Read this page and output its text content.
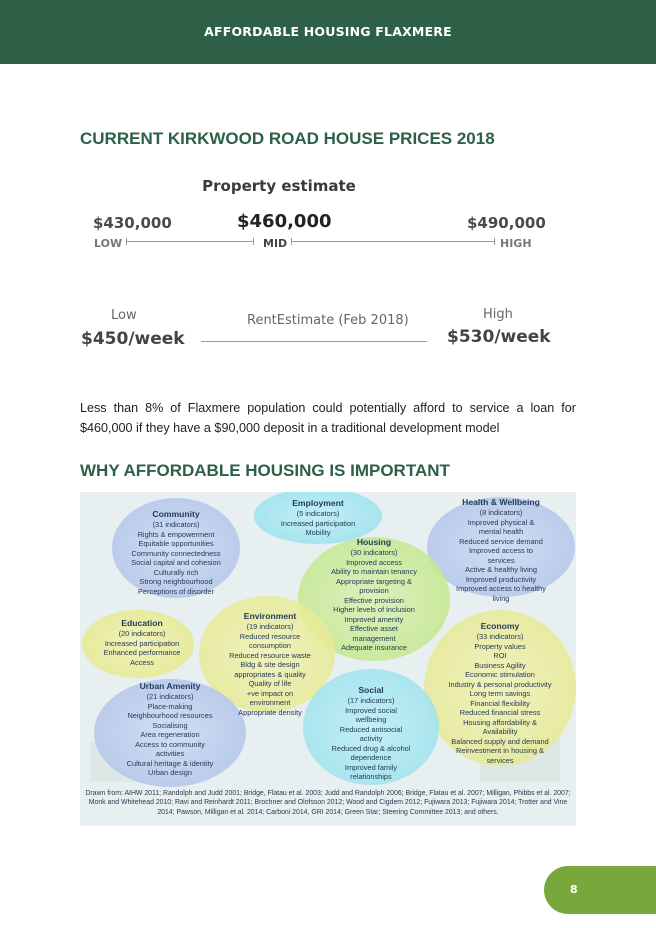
AFFORDABLE HOUSING FLAXMERE
CURRENT KIRKWOOD ROAD HOUSE PRICES 2018
Property estimate
$430,000	$460,000	$490,000
LOW	MID	HIGH
Low	High
RentEstimate (Feb 2018)
$450/week	$530/week

Less than 8% of Flaxmere population could potentially afford to service a loan for $460,000 if they have a $90,000 deposit in a traditional development model

WHY AFFORDABLE HOUSING IS IMPORTANT
Community
(31 indicators)
Rights & empowerment
Equitable opportunities
Community connectedness
Social capital and cohesion
Culturally rich
Strong neighbourhood
Perceptions of disorder
Employment
(5 indicators)
Increased participation
Mobility
Health & Wellbeing
(8 indicators)
Improved physical &
mental health
Reduced service demand
Improved access to
services
Active & healthy living
Improved productivity
Improved access to healthy
living
Housing
(30 indicators)
Improved access
Ability to maintain tenancy
Appropriate targeting &
provision
Effective provision
Higher levels of inclusion
Improved amenity
Effective asset
management
Adequate insurance
Education
(20 indicators)
Increased participation
Enhanced performance
Access
Environment
(19 indicators)
Reduced resource
consumption
Reduced resource waste
Bldg & site design
appropriates & quality
Quality of life
+ve impact on
environment
Appropriate density
Economy
(33 indicators)
Property values
ROI
Business Agility
Economic stimulation
Industry & personal productivity
Long term savings
Financial flexibility
Reduced financial stress
Housing affordability &
Availability
Balanced supply and demand
Reinvestment in housing &
services
Urban Amenity
(21 indicators)
Place-making
Neighbourhood resources
Socialising
Area regeneration
Access to community
activities
Cultural heritage & identity
Urban design
Social
(17 indicators)
Improved social
wellbeing
Reduced antisocial
activity
Reduced drug & alcohol
dependence
Improved family
relationships
Drawn from: AIHW 2011; Randolph and Judd 2001; Bridge, Flatau et al. 2003; Judd and Randolph 2006; Bridge, Flatau et al. 2007; Milligan, Phibbs et al. 2007; Monk and Whitehead 2010; Ravi and Reinhardt 2011; Brochner and Olofsson 2012; Wood and Cigdem 2012; Fujiwara 2013; Fujiwara 2014; Trotter and Vine 2014; Pawson, Milligan et al. 2014; Carboni 2014, GRI 2014; Green Star; Steering Committee 2013; and others.
8
